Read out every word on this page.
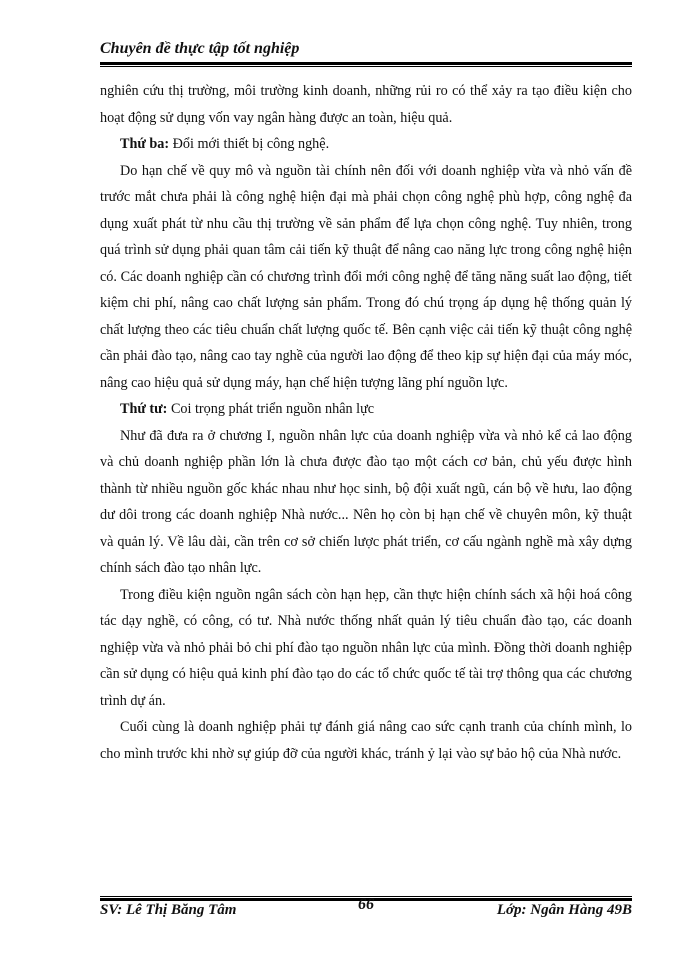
Chuyên đề thực tập tốt nghiệp

nghiên cứu thị trường, môi trường kinh doanh, những rủi ro có thể xảy ra tạo điều kiện cho hoạt động sử dụng vốn vay ngân hàng được an toàn, hiệu quả.

Thứ ba: Đổi mới thiết bị công nghệ.

Do hạn chế về quy mô và nguồn tài chính nên đối với doanh nghiệp vừa và nhỏ vấn đề trước mắt chưa phải là công nghệ hiện đại mà phải chọn công nghệ phù hợp, công nghệ đa dụng xuất phát từ nhu cầu thị trường về sản phẩm để lựa chọn công nghệ. Tuy nhiên, trong quá trình sử dụng phải quan tâm cải tiến kỹ thuật để nâng cao năng lực trong công nghệ hiện có. Các doanh nghiệp cần có chương trình đổi mới công nghệ để tăng năng suất lao động, tiết kiệm chi phí, nâng cao chất lượng sản phẩm. Trong đó chú trọng áp dụng hệ thống quản lý chất lượng theo các tiêu chuẩn chất lượng quốc tế. Bên cạnh việc cải tiến kỹ thuật công nghệ cần phải đào tạo, nâng cao tay nghề của người lao động để theo kịp sự hiện đại của máy móc, nâng cao hiệu quả sử dụng máy, hạn chế hiện tượng lãng phí nguồn lực.

Thứ tư: Coi trọng phát triển nguồn nhân lực

Như đã đưa ra ở chương I, nguồn nhân lực của doanh nghiệp vừa và nhỏ kể cả lao động và chủ doanh nghiệp phần lớn là chưa được đào tạo một cách cơ bản, chủ yếu được hình thành từ nhiều nguồn gốc khác nhau như học sinh, bộ đội xuất ngũ, cán bộ về hưu, lao động dư dôi trong các doanh nghiệp Nhà nước... Nên họ còn bị hạn chế về chuyên môn, kỹ thuật và quản lý. Về lâu dài, cần trên cơ sở chiến lược phát triển, cơ cấu ngành nghề mà xây dựng chính sách đào tạo nhân lực.

Trong điều kiện nguồn ngân sách còn hạn hẹp, cần thực hiện chính sách xã hội hoá công tác dạy nghề, có công, có tư. Nhà nước thống nhất quản lý tiêu chuẩn đào tạo, các doanh nghiệp vừa và nhỏ phải bỏ chi phí đào tạo nguồn nhân lực của mình. Đồng thời doanh nghiệp cần sử dụng có hiệu quả kinh phí đào tạo do các tổ chức quốc tế tài trợ thông qua các chương trình dự án.

Cuối cùng là doanh nghiệp phải tự đánh giá nâng cao sức cạnh tranh của chính mình, lo cho mình trước khi nhờ sự giúp đỡ của người khác, tránh ỷ lại vào sự bảo hộ của Nhà nước.

SV: Lê Thị Băng Tâm	66	Lớp: Ngân Hàng 49B
